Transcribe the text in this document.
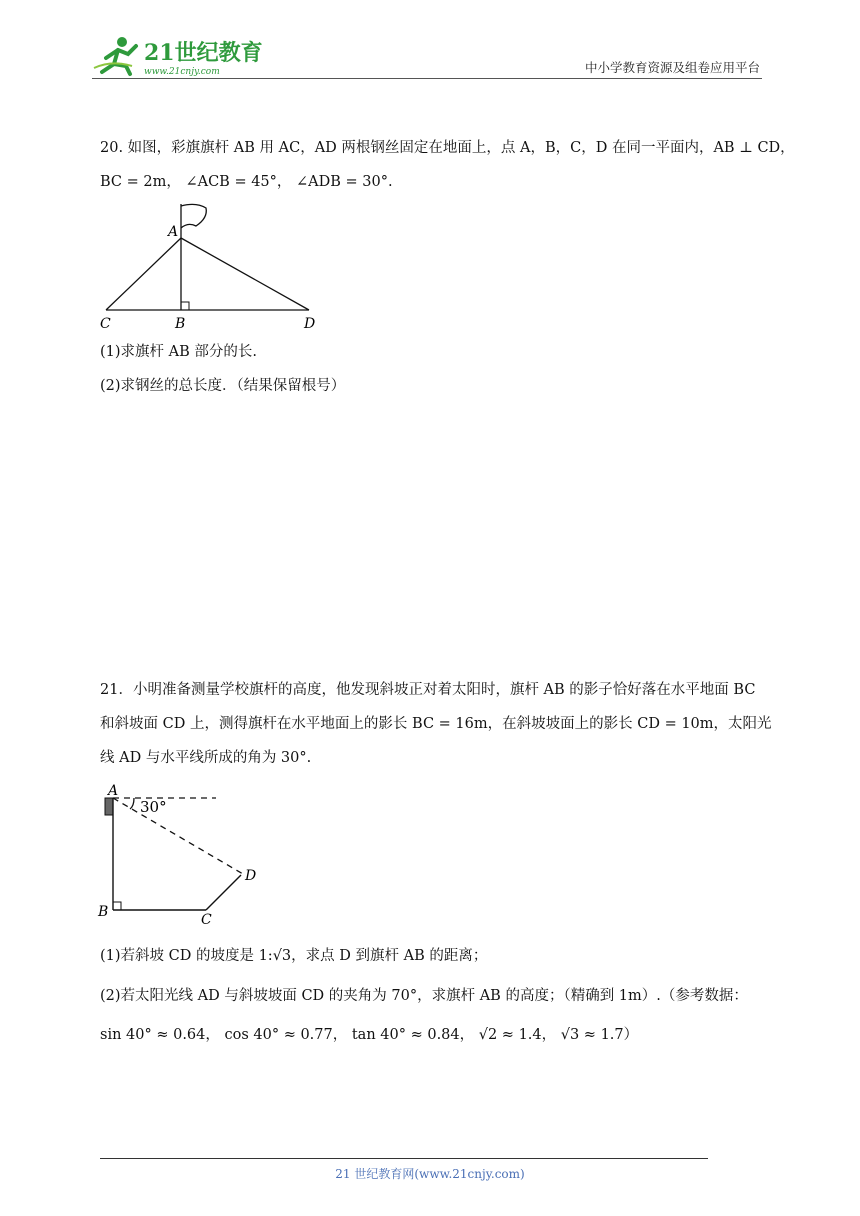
21世纪教育
www.21cnjy.com	中小学教育资源及组卷应用平台
20. 如图，彩旗旗杆 AB 用 AC，AD 两根钢丝固定在地面上，点 A，B，C，D 在同一平面内，AB ⊥ CD，
BC = 2m， ∠ACB = 45°， ∠ADB = 30°.
A
B
C	D
(1)求旗杆 AB 部分的长.
(2)求钢丝的总长度．（结果保留根号）
21．小明准备测量学校旗杆的高度，他发现斜坡正对着太阳时，旗杆 AB 的影子恰好落在水平地面 BC
和斜坡面 CD 上，测得旗杆在水平地面上的影长 BC = 16m，在斜坡坡面上的影长 CD = 10m，太阳光
线 AD 与水平线所成的角为 30°.
A
30°
B	C
D
(1)若斜坡 CD 的坡度是 1:√3，求点 D 到旗杆 AB 的距离；
(2)若太阳光线 AD 与斜坡坡面 CD 的夹角为 70°，求旗杆 AB 的高度；（精确到 1m）.（参考数据：
sin 40° ≈ 0.64， cos 40° ≈ 0.77， tan 40° ≈ 0.84， √2 ≈ 1.4， √3 ≈ 1.7）
21 世纪教育网(www.21cnjy.com)
